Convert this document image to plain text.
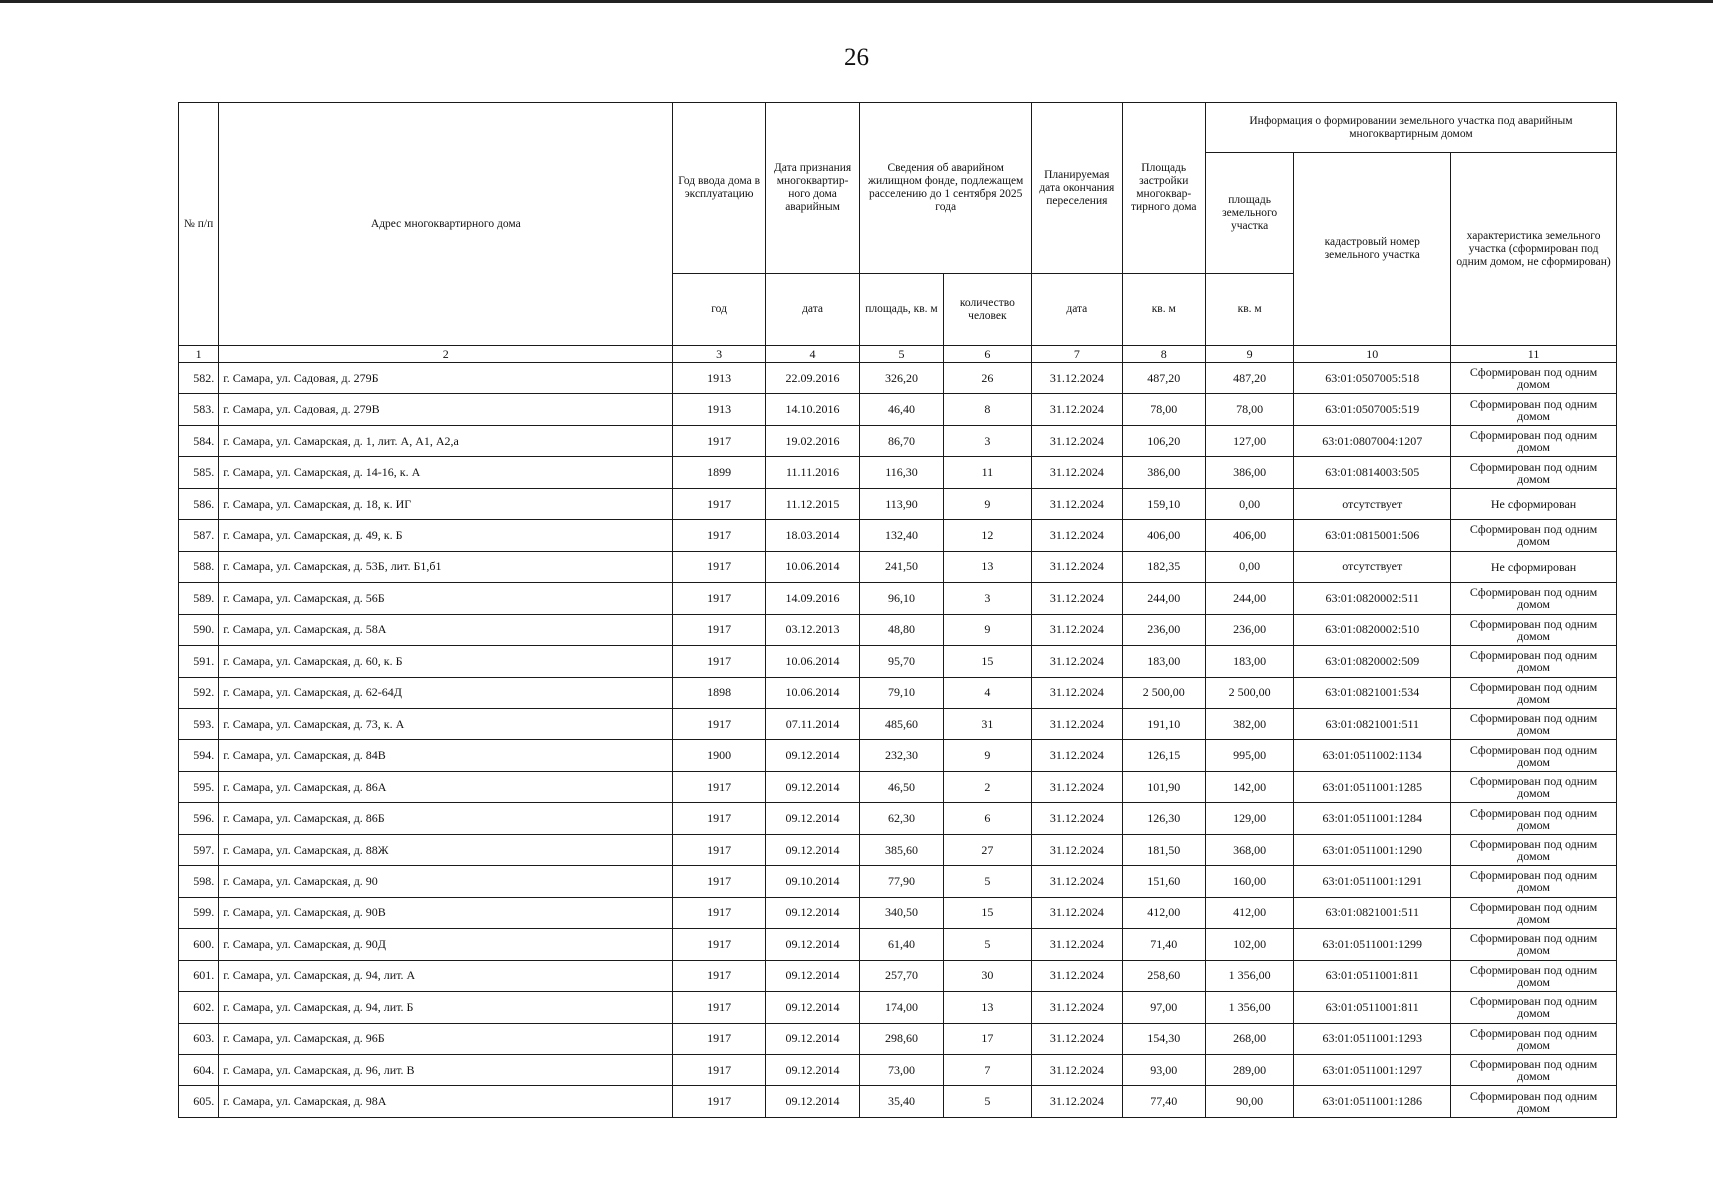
26
№ п/п	Адрес многоквартирного дома	Год ввода дома в эксплуатацию	Дата признания многоквартир-ного дома аварийным	Сведения об аварийном жилищном фонде, подлежащем расселению до 1 сентября 2025 года		Планируемая дата окончания переселения	Площадь застройки многоквар-тирного дома	Информация о формировании земельного участка под аварийным многоквартирным домом		
								площадь земельного участка	кадастровый номер земельного участка	характеристика земельного участка (сформирован под одним домом, не сформирован)
		год	дата	площадь, кв. м	количество человек	дата	кв. м	кв. м		
1	2	3	4	5	6	7	8	9	10	11
582.	г. Самара, ул. Садовая, д. 279Б	1913	22.09.2016	326,20	26	31.12.2024	487,20	487,20	63:01:0507005:518	Сформирован под одним домом
583.	г. Самара, ул. Садовая, д. 279В	1913	14.10.2016	46,40	8	31.12.2024	78,00	78,00	63:01:0507005:519	Сформирован под одним домом
584.	г. Самара, ул. Самарская, д. 1, лит. А, А1, А2,а	1917	19.02.2016	86,70	3	31.12.2024	106,20	127,00	63:01:0807004:1207	Сформирован под одним домом
585.	г. Самара, ул. Самарская, д. 14-16, к. А	1899	11.11.2016	116,30	11	31.12.2024	386,00	386,00	63:01:0814003:505	Сформирован под одним домом
586.	г. Самара, ул. Самарская, д. 18, к. ИГ	1917	11.12.2015	113,90	9	31.12.2024	159,10	0,00	отсутствует	Не сформирован
587.	г. Самара, ул. Самарская, д. 49, к. Б	1917	18.03.2014	132,40	12	31.12.2024	406,00	406,00	63:01:0815001:506	Сформирован под одним домом
588.	г. Самара, ул. Самарская, д. 53Б, лит. Б1,б1	1917	10.06.2014	241,50	13	31.12.2024	182,35	0,00	отсутствует	Не сформирован
589.	г. Самара, ул. Самарская, д. 56Б	1917	14.09.2016	96,10	3	31.12.2024	244,00	244,00	63:01:0820002:511	Сформирован под одним домом
590.	г. Самара, ул. Самарская, д. 58А	1917	03.12.2013	48,80	9	31.12.2024	236,00	236,00	63:01:0820002:510	Сформирован под одним домом
591.	г. Самара, ул. Самарская, д. 60, к. Б	1917	10.06.2014	95,70	15	31.12.2024	183,00	183,00	63:01:0820002:509	Сформирован под одним домом
592.	г. Самара, ул. Самарская, д. 62-64Д	1898	10.06.2014	79,10	4	31.12.2024	2 500,00	2 500,00	63:01:0821001:534	Сформирован под одним домом
593.	г. Самара, ул. Самарская, д. 73, к. А	1917	07.11.2014	485,60	31	31.12.2024	191,10	382,00	63:01:0821001:511	Сформирован под одним домом
594.	г. Самара, ул. Самарская, д. 84В	1900	09.12.2014	232,30	9	31.12.2024	126,15	995,00	63:01:0511002:1134	Сформирован под одним домом
595.	г. Самара, ул. Самарская, д. 86А	1917	09.12.2014	46,50	2	31.12.2024	101,90	142,00	63:01:0511001:1285	Сформирован под одним домом
596.	г. Самара, ул. Самарская, д. 86Б	1917	09.12.2014	62,30	6	31.12.2024	126,30	129,00	63:01:0511001:1284	Сформирован под одним домом
597.	г. Самара, ул. Самарская, д. 88Ж	1917	09.12.2014	385,60	27	31.12.2024	181,50	368,00	63:01:0511001:1290	Сформирован под одним домом
598.	г. Самара, ул. Самарская, д. 90	1917	09.10.2014	77,90	5	31.12.2024	151,60	160,00	63:01:0511001:1291	Сформирован под одним домом
599.	г. Самара, ул. Самарская, д. 90В	1917	09.12.2014	340,50	15	31.12.2024	412,00	412,00	63:01:0821001:511	Сформирован под одним домом
600.	г. Самара, ул. Самарская, д. 90Д	1917	09.12.2014	61,40	5	31.12.2024	71,40	102,00	63:01:0511001:1299	Сформирован под одним домом
601.	г. Самара, ул. Самарская, д. 94, лит. А	1917	09.12.2014	257,70	30	31.12.2024	258,60	1 356,00	63:01:0511001:811	Сформирован под одним домом
602.	г. Самара, ул. Самарская, д. 94, лит. Б	1917	09.12.2014	174,00	13	31.12.2024	97,00	1 356,00	63:01:0511001:811	Сформирован под одним домом
603.	г. Самара, ул. Самарская, д. 96Б	1917	09.12.2014	298,60	17	31.12.2024	154,30	268,00	63:01:0511001:1293	Сформирован под одним домом
604.	г. Самара, ул. Самарская, д. 96, лит. В	1917	09.12.2014	73,00	7	31.12.2024	93,00	289,00	63:01:0511001:1297	Сформирован под одним домом
605.	г. Самара, ул. Самарская, д. 98А	1917	09.12.2014	35,40	5	31.12.2024	77,40	90,00	63:01:0511001:1286	Сформирован под одним домом
